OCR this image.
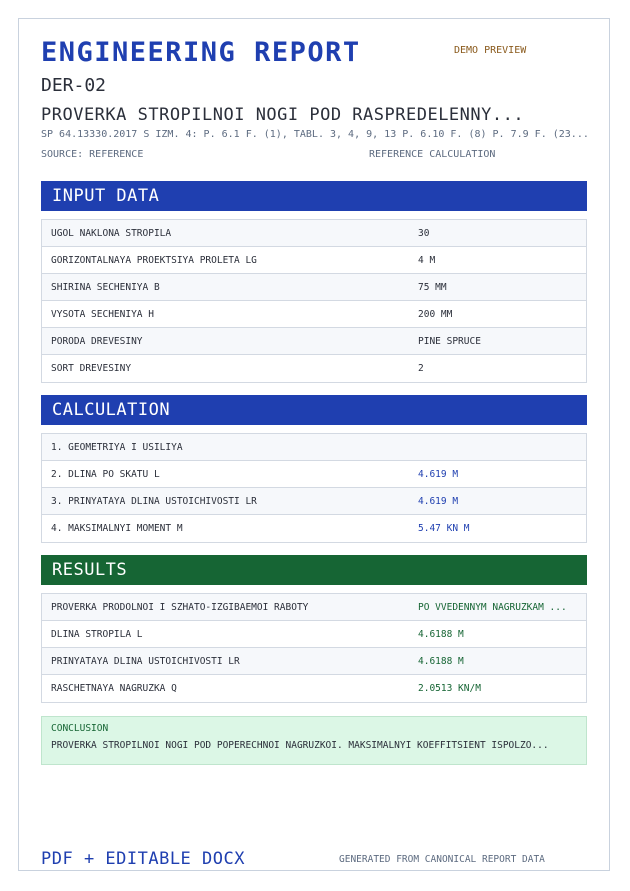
ENGINEERING REPORT	DEMO PREVIEW
DER-02
PROVERKA STROPILNOI NOGI POD RASPREDELENNY...
SP 64.13330.2017 S IZM. 4: P. 6.1 F. (1), TABL. 3, 4, 9, 13 P. 6.10 F. (8) P. 7.9 F. (23...
SOURCE: REFERENCE	REFERENCE CALCULATION
INPUT DATA
UGOL NAKLONA STROPILA	30
GORIZONTALNAYA PROEKTSIYA PROLETA LG	4 M
SHIRINA SECHENIYA B	75 MM
VYSOTA SECHENIYA H	200 MM
PORODA DREVESINY	PINE SPRUCE
SORT DREVESINY	2
CALCULATION
1. GEOMETRIYA I USILIYA
2. DLINA PO SKATU L	4.619 M
3. PRINYATAYA DLINA USTOICHIVOSTI LR	4.619 M
4. MAKSIMALNYI MOMENT M	5.47 KN M
RESULTS
PROVERKA PRODOLNOI I SZHATO-IZGIBAEMOI RABOTY	PO VVEDENNYM NAGRUZKAM ...
DLINA STROPILA L	4.6188 M
PRINYATAYA DLINA USTOICHIVOSTI LR	4.6188 M
RASCHETNAYA NAGRUZKA Q	2.0513 KN/M
CONCLUSION
PROVERKA STROPILNOI NOGI POD POPERECHNOI NAGRUZKOI. MAKSIMALNYI KOEFFITSIENT ISPOLZO...
PDF + EDITABLE DOCX	GENERATED FROM CANONICAL REPORT DATA
